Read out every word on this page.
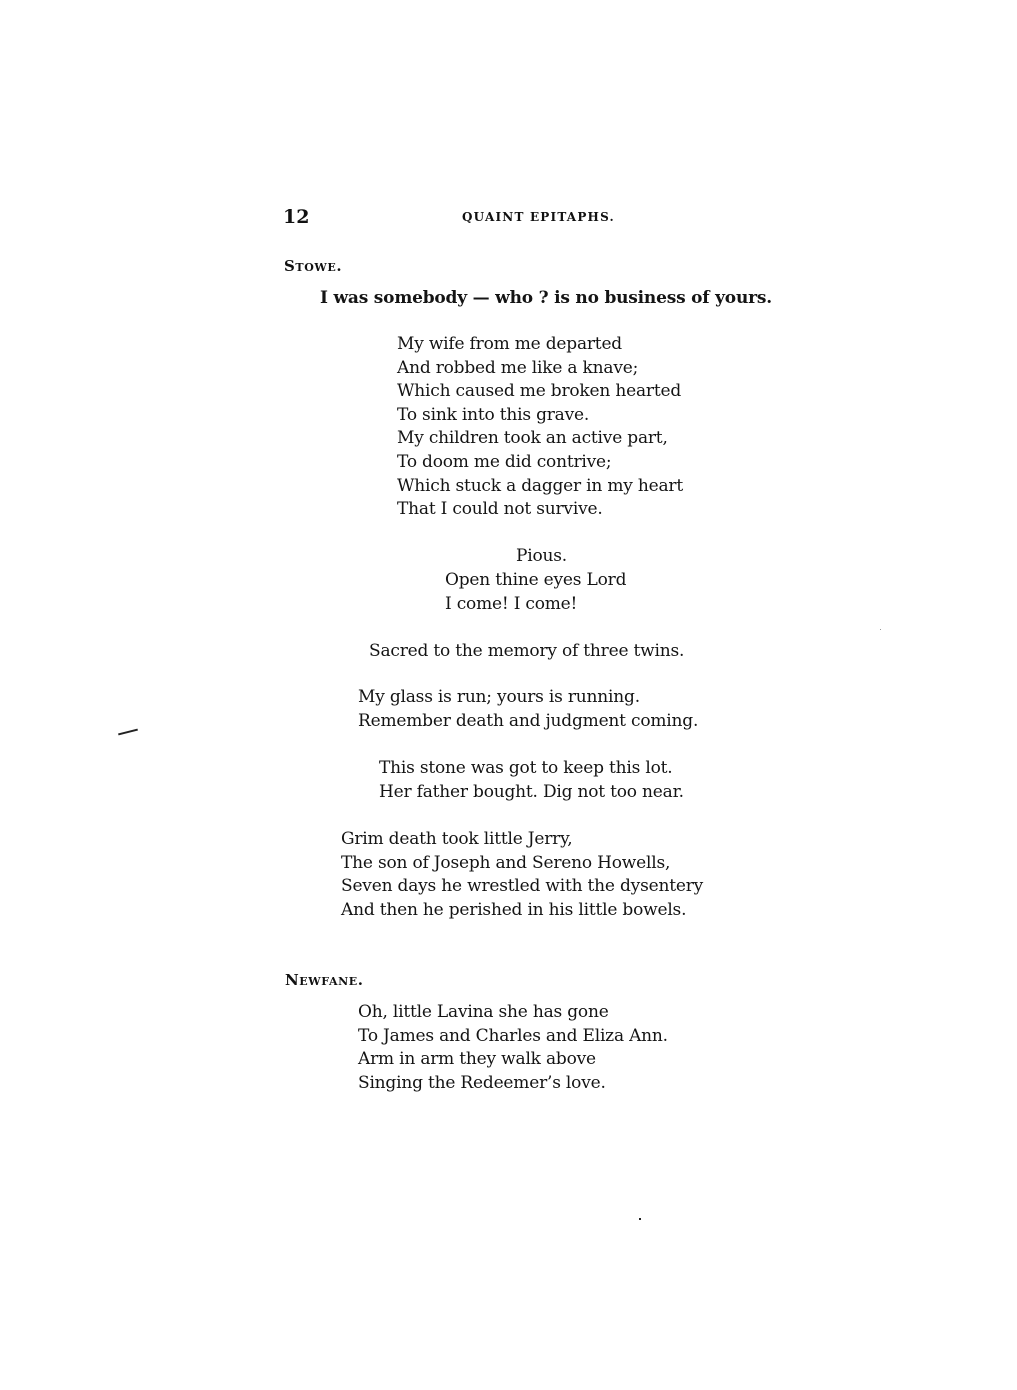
12	QUAINT EPITAPHS.
Stowe.
I was somebody — who ? is no business of yours.
My wife from me departed
And robbed me like a knave;
Which caused me broken hearted
To sink into this grave.
My children took an active part,
To doom me did contrive;
Which stuck a dagger in my heart
That I could not survive.
Pious.
Open thine eyes Lord
I come! I come!
Sacred to the memory of three twins.
My glass is run; yours is running.
Remember death and judgment coming.
This stone was got to keep this lot.
Her father bought. Dig not too near.
Grim death took little Jerry,
The son of Joseph and Sereno Howells,
Seven days he wrestled with the dysentery
And then he perished in his little bowels.
Newfane.
Oh, little Lavina she has gone
To James and Charles and Eliza Ann.
Arm in arm they walk above
Singing the Redeemer’s love.
